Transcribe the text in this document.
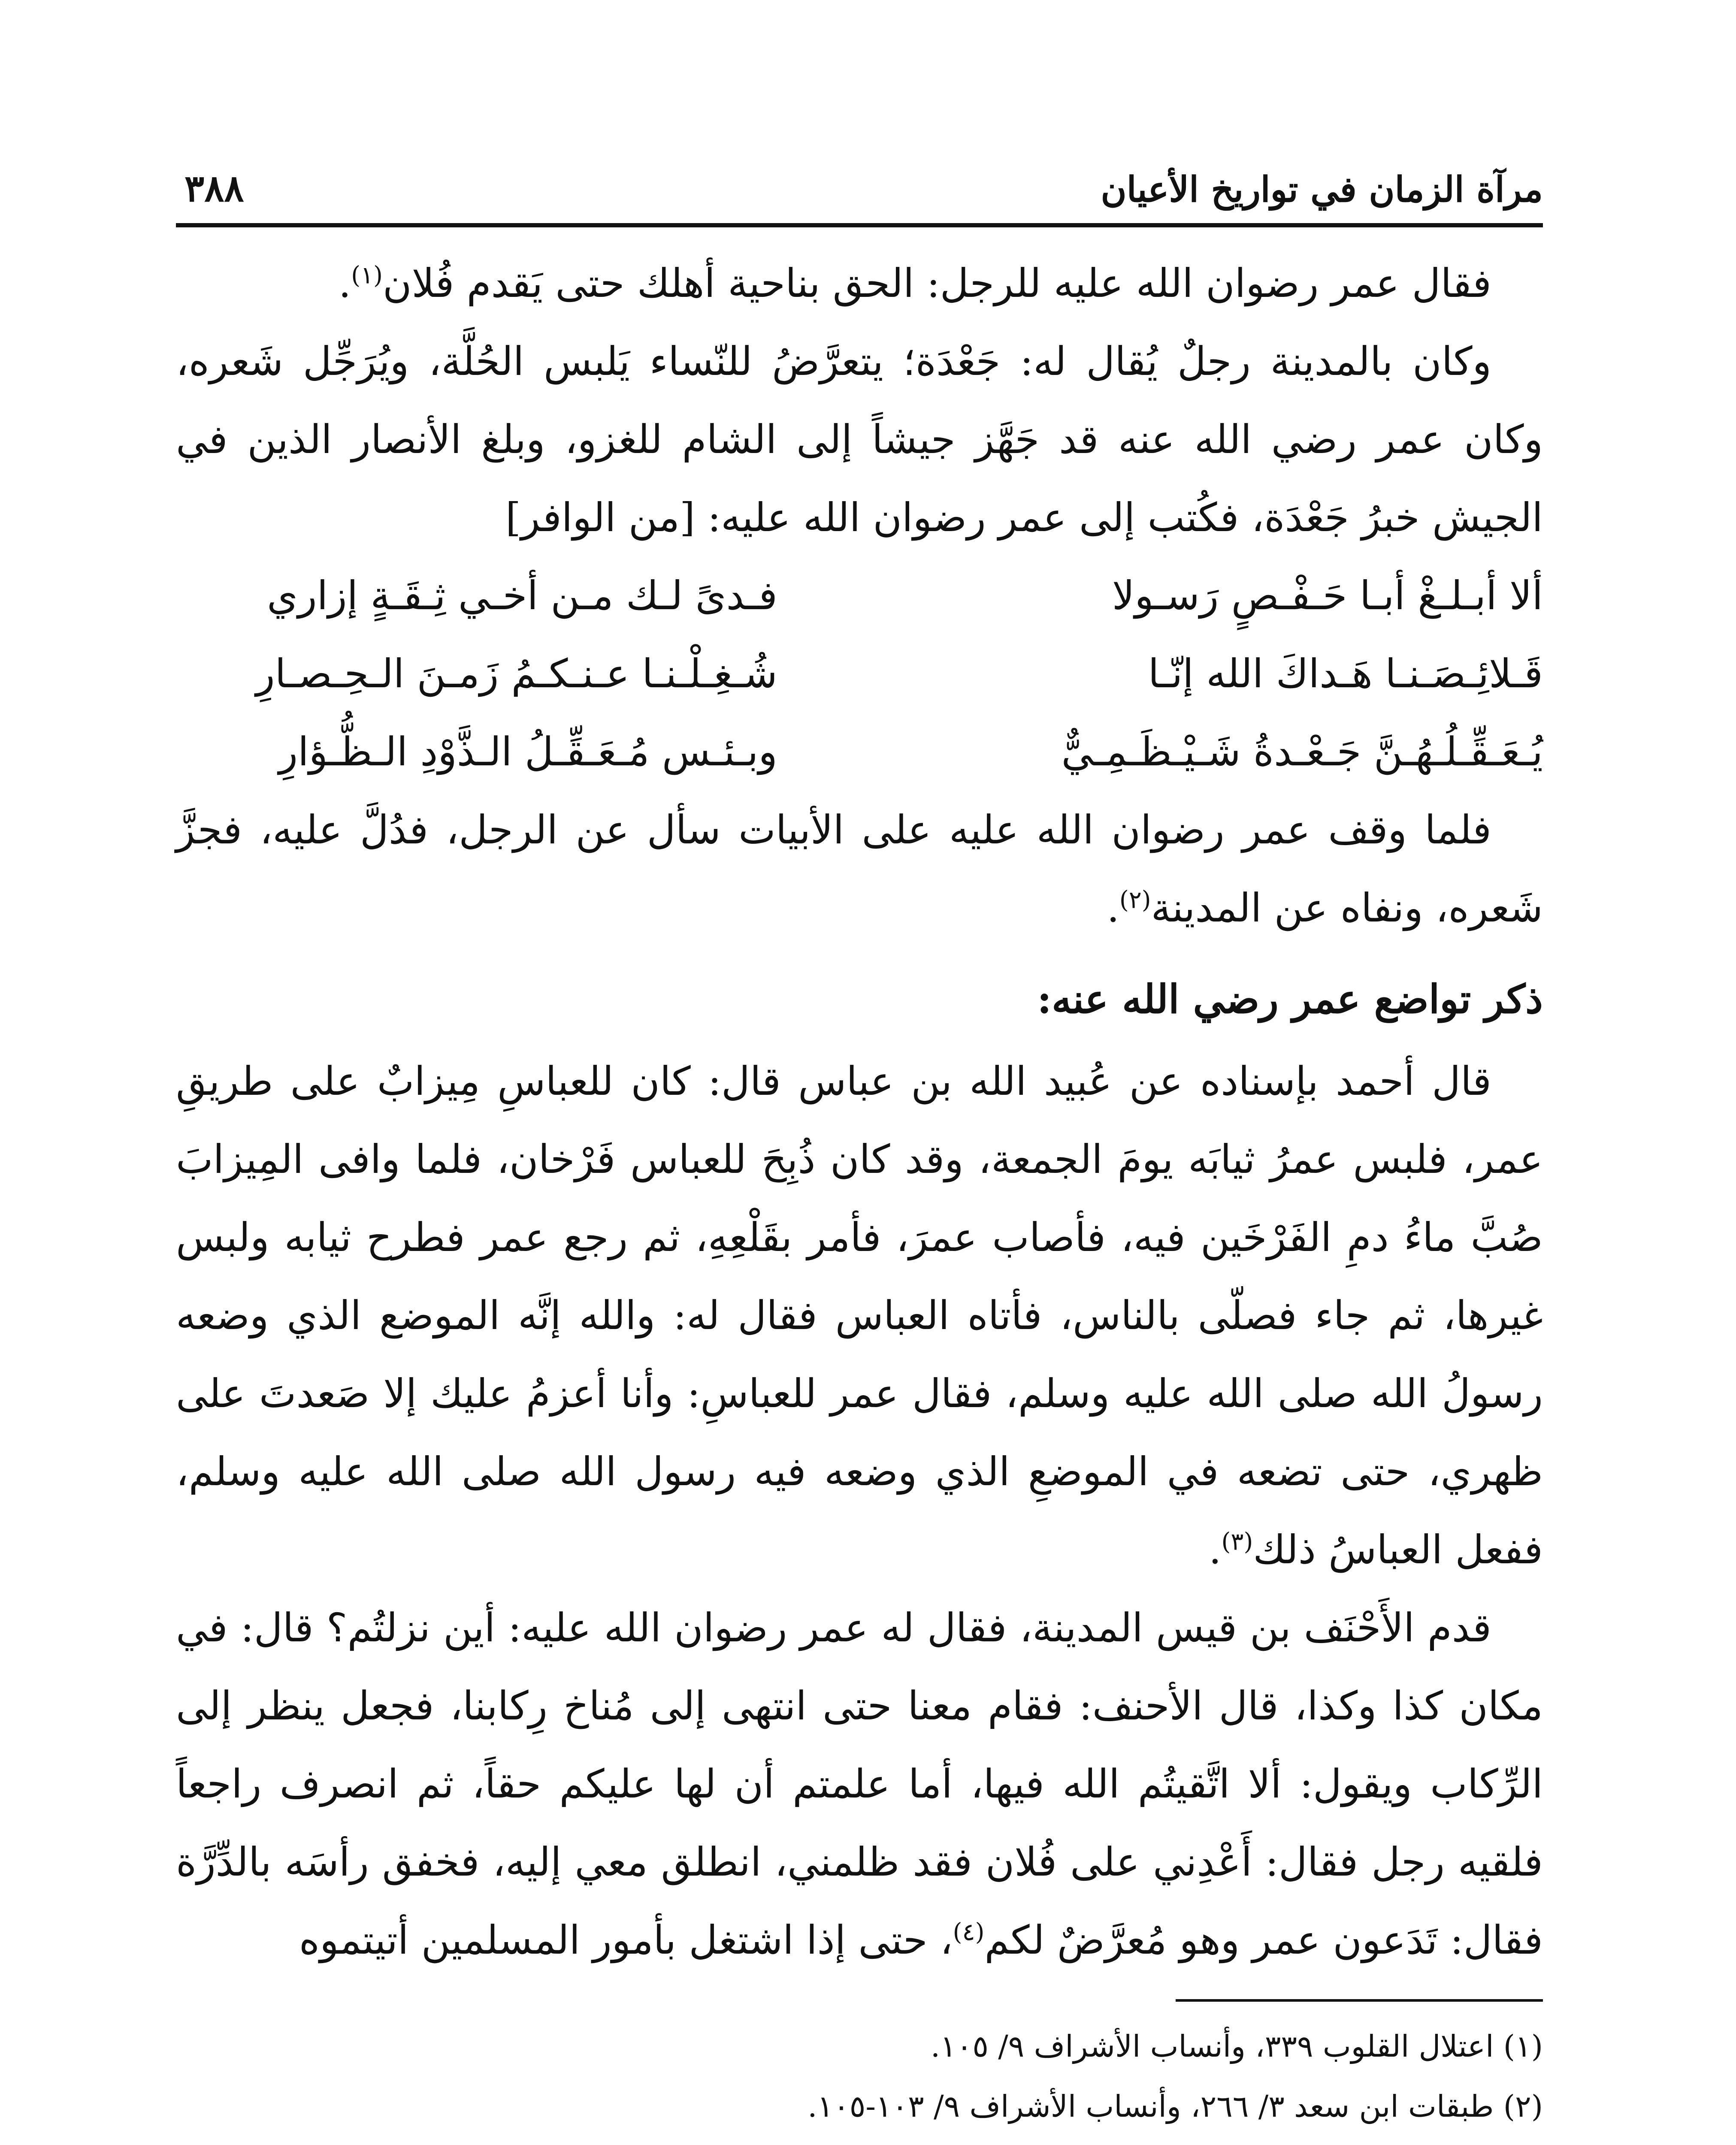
مرآة الزمان في تواريخ الأعيان
٣٨٨

فقال عمر رضوان الله عليه للرجل: الحق بناحية أهلك حتى يَقدم فُلان$^{(١)}$.

وكان بالمدينة رجلٌ يُقال له: جَعْدَة؛ يتعرَّضُ للنّساء يَلبس الحُلَّة، ويُرَجِّل شَعره، وكان عمر رضي الله عنه قد جَهَّز جيشاً إلى الشام للغزو، وبلغ الأنصار الذين في الجيش خبرُ جَعْدَة، فكُتب إلى عمر رضوان الله عليه: [من الوافر]

ألا أبـلـغْ أبـا حَـفْـصٍ رَسـولا
فـدىً لـك مـن أخـي ثِـقَـةٍ إزاري
قَـلائِـصَـنـا هَـداكَ الله إنّـا
شُـغِـلْـنـا عـنـكـمُ زَمـنَ الـحِـصـارِ
يُـعَـقِّـلُـهُـنَّ جَـعْـدةُ شَـيْـظَـمِـيٌّ
وبـئـس مُـعَـقِّـلُ الـذَّوْدِ الـظُّـؤارِ

فلما وقف عمر رضوان الله عليه على الأبيات سأل عن الرجل، فدُلَّ عليه، فجزَّ شَعره، ونفاه عن المدينة$^{(٢)}$.

ذكر تواضع عمر رضي الله عنه:

قال أحمد بإسناده عن عُبيد الله بن عباس قال: كان للعباسِ مِيزابٌ على طريقِ عمر، فلبس عمرُ ثيابَه يومَ الجمعة، وقد كان ذُبِحَ للعباس فَرْخان، فلما وافى المِيزابَ صُبَّ ماءُ دمِ الفَرْخَين فيه، فأصاب عمرَ، فأمر بقَلْعِهِ، ثم رجع عمر فطرح ثيابه ولبس غيرها، ثم جاء فصلّى بالناس، فأتاه العباس فقال له: والله إنَّه الموضع الذي وضعه رسولُ الله صلى الله عليه وسلم، فقال عمر للعباسِ: وأنا أعزمُ عليك إلا صَعدتَ على ظهري، حتى تضعه في الموضعِ الذي وضعه فيه رسول الله صلى الله عليه وسلم، ففعل العباسُ ذلك$^{(٣)}$.

قدم الأَحْنَف بن قيس المدينة، فقال له عمر رضوان الله عليه: أين نزلتُم؟ قال: في مكان كذا وكذا، قال الأحنف: فقام معنا حتى انتهى إلى مُناخ رِكابنا، فجعل ينظر إلى الرِّكاب ويقول: ألا اتَّقيتُم الله فيها، أما علمتم أن لها عليكم حقاً، ثم انصرف راجعاً فلقيه رجل فقال: أَعْدِني على فُلان فقد ظلمني، انطلق معي إليه، فخفق رأسَه بالدِّرَّة فقال: تَدَعون عمر وهو مُعرَّضٌ لكم$^{(٤)}$، حتى إذا اشتغل بأمور المسلمين أتيتموه

(١) اعتلال القلوب ٣٣٩، وأنساب الأشراف ٩/ ١٠٥.

(٢) طبقات ابن سعد ٣/ ٢٦٦، وأنساب الأشراف ٩/ ١٠٣-١٠٥.
